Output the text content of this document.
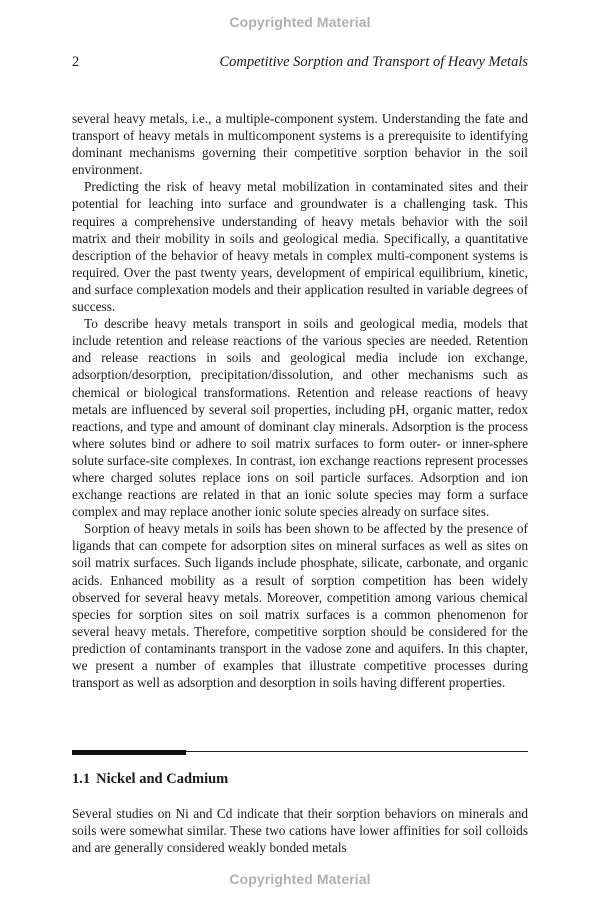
Copyrighted Material
2	Competitive Sorption and Transport of Heavy Metals

several heavy metals, i.e., a multiple-component system. Understanding the fate and transport of heavy metals in multicomponent systems is a prerequisite to identifying dominant mechanisms governing their competitive sorption behavior in the soil environment.

Predicting the risk of heavy metal mobilization in contaminated sites and their potential for leaching into surface and groundwater is a challenging task. This requires a comprehensive understanding of heavy metals behavior with the soil matrix and their mobility in soils and geological media. Specifically, a quantitative description of the behavior of heavy metals in complex multi-component systems is required. Over the past twenty years, development of empirical equilibrium, kinetic, and surface complexation models and their application resulted in variable degrees of success.

To describe heavy metals transport in soils and geological media, models that include retention and release reactions of the various species are needed. Retention and release reactions in soils and geological media include ion exchange, adsorption/desorption, precipitation/dissolution, and other mechanisms such as chemical or biological transformations. Retention and release reactions of heavy metals are influenced by several soil properties, including pH, organic matter, redox reactions, and type and amount of dominant clay minerals. Adsorption is the process where solutes bind or adhere to soil matrix surfaces to form outer- or inner-sphere solute surface-site complexes. In contrast, ion exchange reactions represent processes where charged solutes replace ions on soil particle surfaces. Adsorption and ion exchange reactions are related in that an ionic solute species may form a surface complex and may replace another ionic solute species already on surface sites.

Sorption of heavy metals in soils has been shown to be affected by the presence of ligands that can compete for adsorption sites on mineral surfaces as well as sites on soil matrix surfaces. Such ligands include phosphate, silicate, carbonate, and organic acids. Enhanced mobility as a result of sorption competition has been widely observed for several heavy metals. Moreover, competition among various chemical species for sorption sites on soil matrix surfaces is a common phenomenon for several heavy metals. Therefore, competitive sorption should be considered for the prediction of contaminants transport in the vadose zone and aquifers. In this chapter, we present a number of examples that illustrate competitive processes during transport as well as adsorption and desorption in soils having different properties.

1.1 Nickel and Cadmium

Several studies on Ni and Cd indicate that their sorption behaviors on minerals and soils were somewhat similar. These two cations have lower affinities for soil colloids and are generally considered weakly bonded metals

Copyrighted Material
